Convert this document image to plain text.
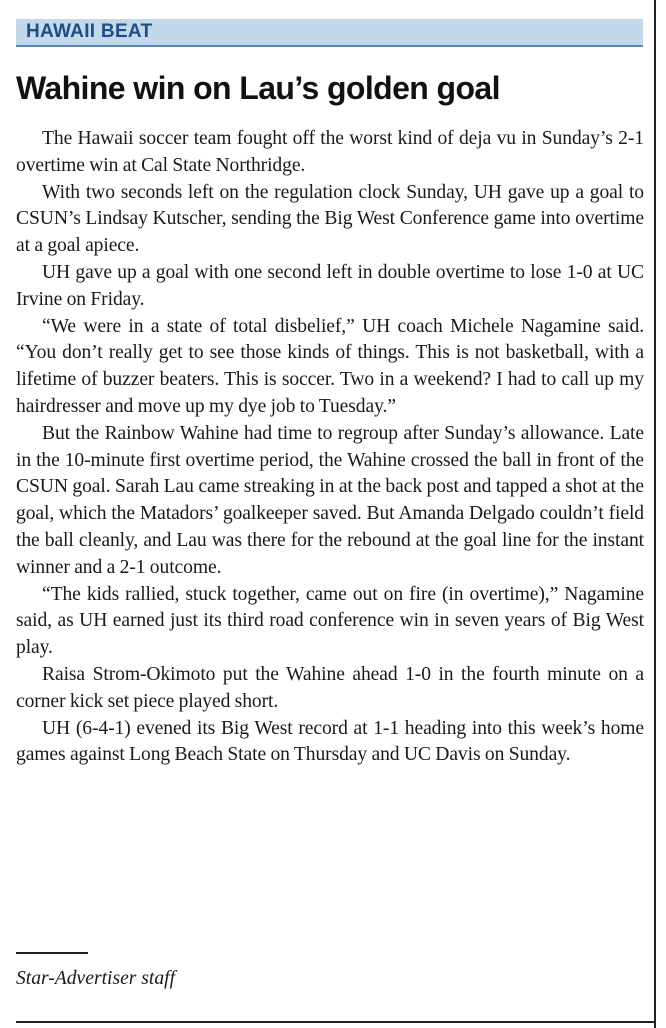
HAWAII BEAT
Wahine win on Lau’s golden goal

The Hawaii soccer team fought off the worst kind of deja vu in Sunday’s 2-1 overtime win at Cal State Northridge.

With two seconds left on the regulation clock Sunday, UH gave up a goal to CSUN’s Lindsay Kutscher, sending the Big West Conference game into overtime at a goal apiece.

UH gave up a goal with one second left in double overtime to lose 1-0 at UC Irvine on Friday.

“We were in a state of total disbelief,” UH coach Michele Nagamine said. “You don’t really get to see those kinds of things. This is not basketball, with a lifetime of buzzer beaters. This is soccer. Two in a weekend? I had to call up my hairdresser and move up my dye job to Tuesday.”

But the Rainbow Wahine had time to regroup after Sunday’s allowance. Late in the 10-minute first overtime period, the Wahine crossed the ball in front of the CSUN goal. Sarah Lau came streaking in at the back post and tapped a shot at the goal, which the Matadors’ goalkeeper saved. But Amanda Delgado couldn’t field the ball cleanly, and Lau was there for the rebound at the goal line for the instant winner and a 2-1 outcome.

“The kids rallied, stuck together, came out on fire (in overtime),” Nagamine said, as UH earned just its third road conference win in seven years of Big West play.

Raisa Strom-Okimoto put the Wahine ahead 1-0 in the fourth minute on a corner kick set piece played short.

UH (6-4-1) evened its Big West record at 1-1 heading into this week’s home games against Long Beach State on Thursday and UC Davis on Sunday.

Star-Advertiser staff
